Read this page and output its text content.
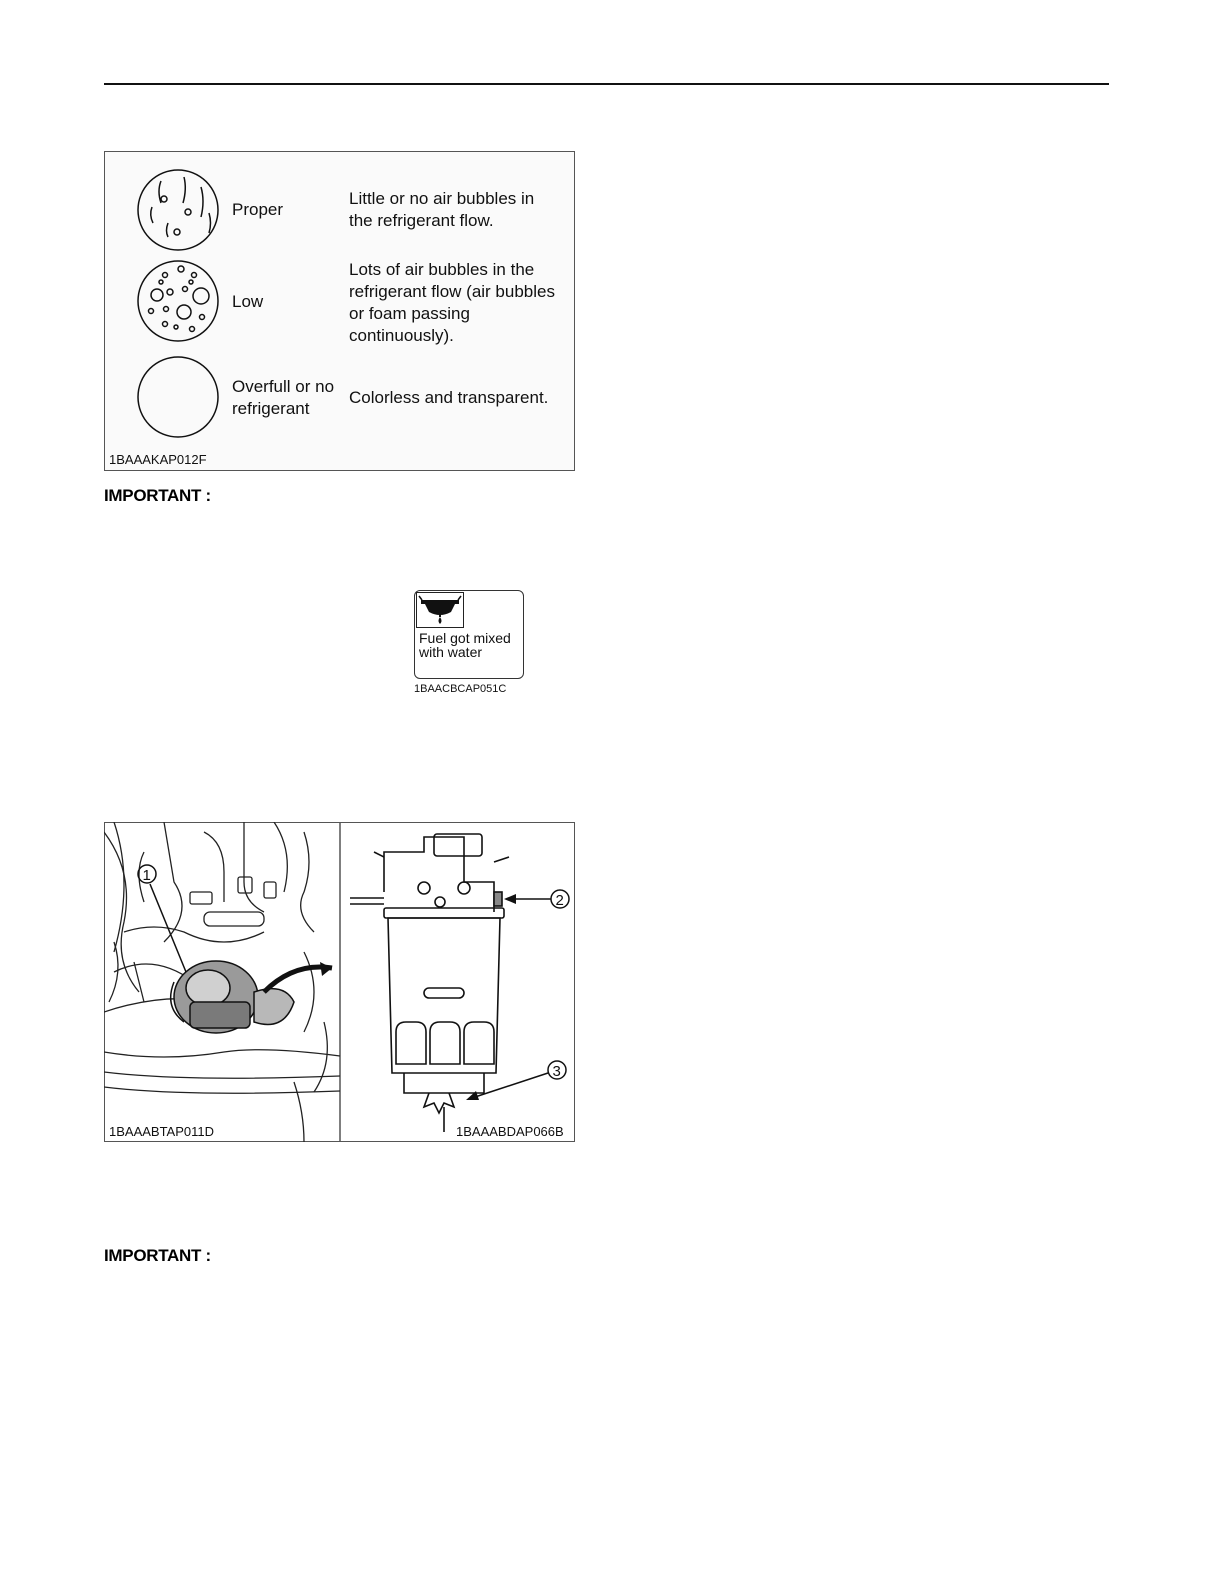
Proper
Little or no air bubbles in
the refrigerant flow.
Low
Lots of air bubbles in the
refrigerant flow (air bubbles
or foam passing
continuously).
Overfull or no
refrigerant
Colorless and transparent.
1BAAAKAP012F
IMPORTANT :
Fuel got mixed
with water
1BAACBCAP051C
1
2
3
1BAAABTAP011D	1BAAABDAP066B
IMPORTANT :
